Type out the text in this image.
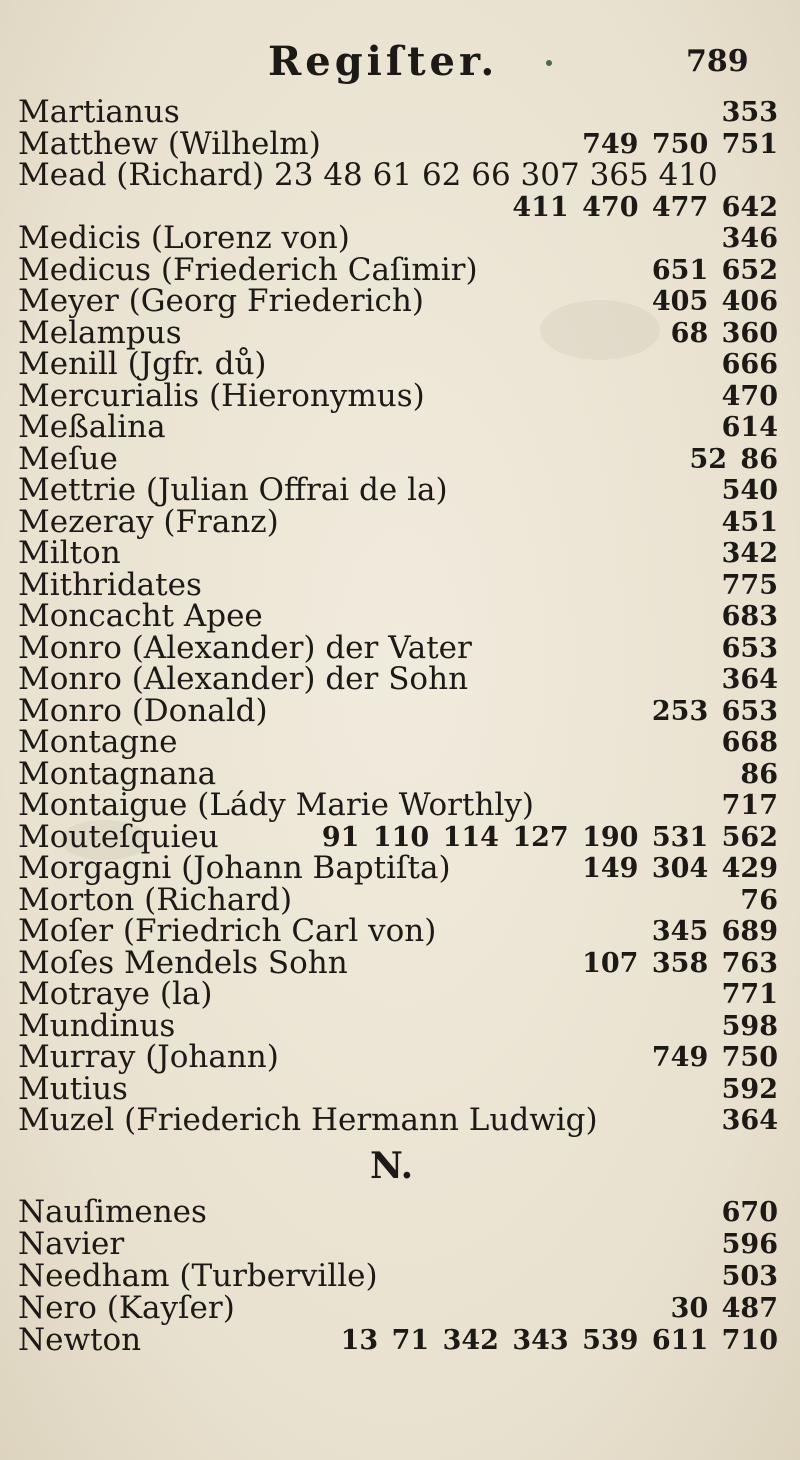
Regiſter.	789
Martianus	353
Matthew (Wilhelm)	749 750 751
Mead (Richard) 23 48 61 62 66 307 365 410
411 470 477 642
Medicis (Lorenz von)	346
Medicus (Friederich Caſimir)	651 652
Meyer (Georg Friederich)	405 406
Melampus	68 360
Menill (Jgfr. dů)	666
Mercurialis (Hieronymus)	470
Meßalina	614
Meſue	52 86
Mettrie (Julian Offrai de la)	540
Mezeray (Franz)	451
Milton	342
Mithridates	775
Moncacht Apee	683
Monro (Alexander) der Vater	653
Monro (Alexander) der Sohn	364
Monro (Donald)	253 653
Montagne	668
Montagnana	86
Montaigue (Lády Marie Worthly)	717
Mouteſquieu	91 110 114 127 190 531 562
Morgagni (Johann Baptiſta)	149 304 429
Morton (Richard)	76
Moſer (Friedrich Carl von)	345 689
Moſes Mendels Sohn	107 358 763
Motraye (la)	771
Mundinus	598
Murray (Johann)	749 750
Mutius	592
Muzel (Friederich Hermann Ludwig)	364
N.
Nauſimenes	670
Navier	596
Needham (Turberville)	503
Nero (Kayſer)	30 487
Newton	13 71 342 343 539 611 710
